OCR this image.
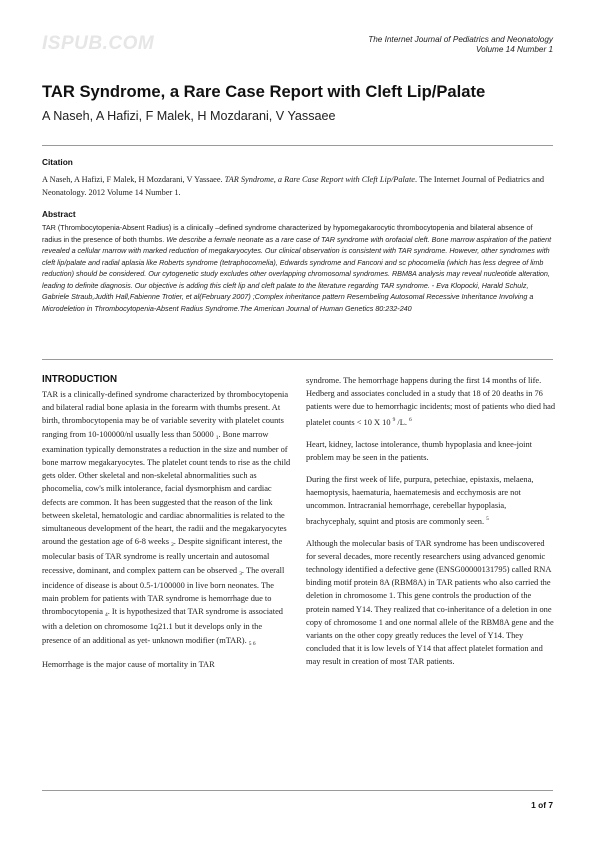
ISPUB.COM	The Internet Journal of Pediatrics and Neonatology
Volume 14 Number 1
TAR Syndrome, a Rare Case Report with Cleft Lip/Palate
A Naseh, A Hafizi, F Malek, H Mozdarani, V Yassaee
Citation

A Naseh, A Hafizi, F Malek, H Mozdarani, V Yassaee. TAR Syndrome, a Rare Case Report with Cleft Lip/Palate. The Internet Journal of Pediatrics and Neonatology. 2012 Volume 14 Number 1.

Abstract

TAR (Thrombocytopenia-Absent Radius) is a clinically –defined syndrome characterized by hypomegakarocytic thrombocytopenia and bilateral absence of radius in the presence of both thumbs. We describe a female neonate as a rare case of TAR syndrome with orofacial cleft. Bone marrow aspiration of the patient revealed a cellular marrow with marked reduction of megakaryocytes. Our clinical observation is consistent with TAR syndrome. However, other syndromes with cleft lip/palate and radial aplasia like Roberts syndrome (tetraphocomelia), Edwards syndrome and Fanconi and sc phocomelia (which has less degree of limb reduction) should be considered. Our cytogenetic study excludes other overlapping chromosomal syndromes. RBM8A analysis may reveal nucleotide alteration, leading to definite diagnosis. Our objective is adding this cleft lip and cleft palate to the literature regarding TAR syndrome. - Eva Klopocki, Harald Schulz, Gabriele Straub,Judith Hall,Fabienne Trotier, et al(February 2007) ;Complex inheritance pattern Resembeling Autosomal Recessive Inheritance Involving a Microdeletion in Thrombocytopenia-Absent Radius Syndrome.The American Journal of Human Genetics 80:232-240

INTRODUCTION

TAR is a clinically-defined syndrome characterized by thrombocytopenia and bilateral radial bone aplasia in the forearm with thumbs present. At birth, thrombocytopenia may be of variable severity with platelet counts ranging from 10-100000/nl usually less than 50000 $_1$. Bone marrow examination typically demonstrates a reduction in the size and number of bone marrow megakaryocytes. The platelet count tends to rise as the child gets older. Other skeletal and non-skeletal abnormalities such as phocomelia, cow's milk intolerance, facial dysmorphism and cardiac defects are common. It has been suggested that the reason of the link between skeletal, hematologic and cardiac abnormalities is related to the simultaneous development of the heart, the radii and the megakaryocytes around the gestation age of 6-8 weeks $_2$. Despite significant interest, the molecular basis of TAR syndrome is really uncertain and autosomal recessive, dominant, and complex pattern can be observed $_3$. The overall incidence of disease is about 0.5-1/100000 in live born neonates. The main problem for patients with TAR syndrome is hemorrhage due to thrombocytopenia $_4$. It is hypothesized that TAR syndrome is associated with a deletion on chromosome 1q21.1 but it develops only in the presence of an additional as yet- unknown modifier (mTAR). $_{5 6}$

Hemorrhage is the major cause of mortality in TAR

syndrome. The hemorrhage happens during the first 14 months of life. Hedberg and associates concluded in a study that 18 of 20 deaths in 76 patients were due to hemorrhagic incidents; most of patients who died had platelet counts < 10 X 10 $^9$ /L. $^6$

Heart, kidney, lactose intolerance, thumb hypoplasia and knee-joint problem may be seen in the patients.

During the first week of life, purpura, petechiae, epistaxis, melaena, haemoptysis, haematuria, haematemesis and ecchymosis are not uncommon. Intracranial hemorrhage, cerebellar hypoplasia, brachycephaly, squint and ptosis are commonly seen. $^5$

Although the molecular basis of TAR syndrome has been undiscovered for several decades, more recently researchers using advanced genomic technology identified a defective gene (ENSG00000131795) called RNA binding motif protein 8A (RBM8A) in TAR patients who also carried the deletion in chromosome 1. This gene controls the production of the protein named Y14. They realized that co-inheritance of a deletion in one copy of chromosome 1 and one normal allele of the RBM8A gene and the variants on the other copy greatly reduces the level of Y14. They concluded that it is low levels of Y14 that affect platelet formation and may result in creation of most TAR patients.

1 of 7
